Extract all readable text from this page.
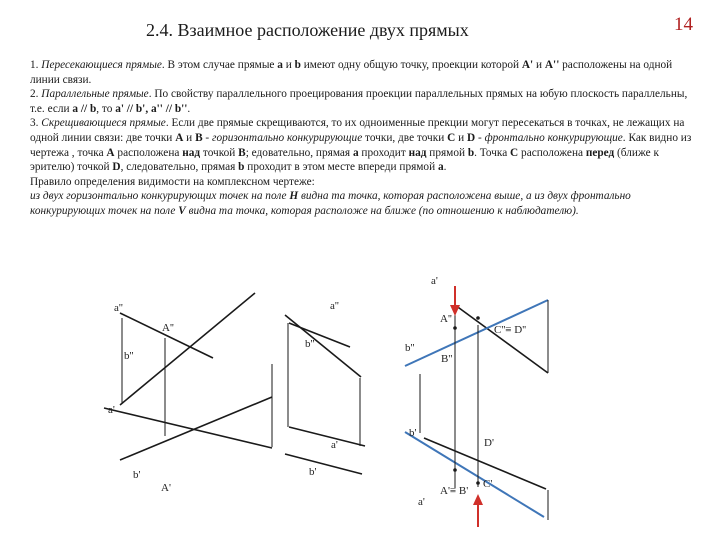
2.4. Взаимное расположение двух прямых	14

1. Пересекающиеся прямые. В этом случае прямые a и b имеют одну общую точку, проекции которой A' и A'' расположены на одной линии связи.

2. Параллельные прямые. По свойству параллельного проецирования проекции параллельных прямых на юбую плоскость параллельны, т.е. если a // b, то a' // b', a'' // b''.

3. Скрещивающиеся прямые. Если две прямые скрещиваются, то их одноименные прекции могут пересекаться в точках, не лежащих на одной линии связи: две точки A и B - горизонтально конкурирующие точки, две точки C и D - фронтально конкурирующие. Как видно из чертежа , точка A расположена над точкой B; едовательно, прямая a проходит над прямой b. Точка C расположена перед (ближе к эрителю) точкой D, следовательно, прямая b проходит в этом месте впереди прямой a.

Правило определения видимости на комплексном чертеже:

из двух горизонтально конкурирующих точек на поле H видна та точка, которая расположена выше, а из двух фронтально конкурирующих точек на поле V видна та точка, которая расположе на ближе (по отношению к наблюдателю).

a''
A''
b''
a'
b'
A'
a''
b''
a'
b'
a'
A''
C''≡ D''
b''
B''
b'
D'
A'≡ B'
C'
a'
